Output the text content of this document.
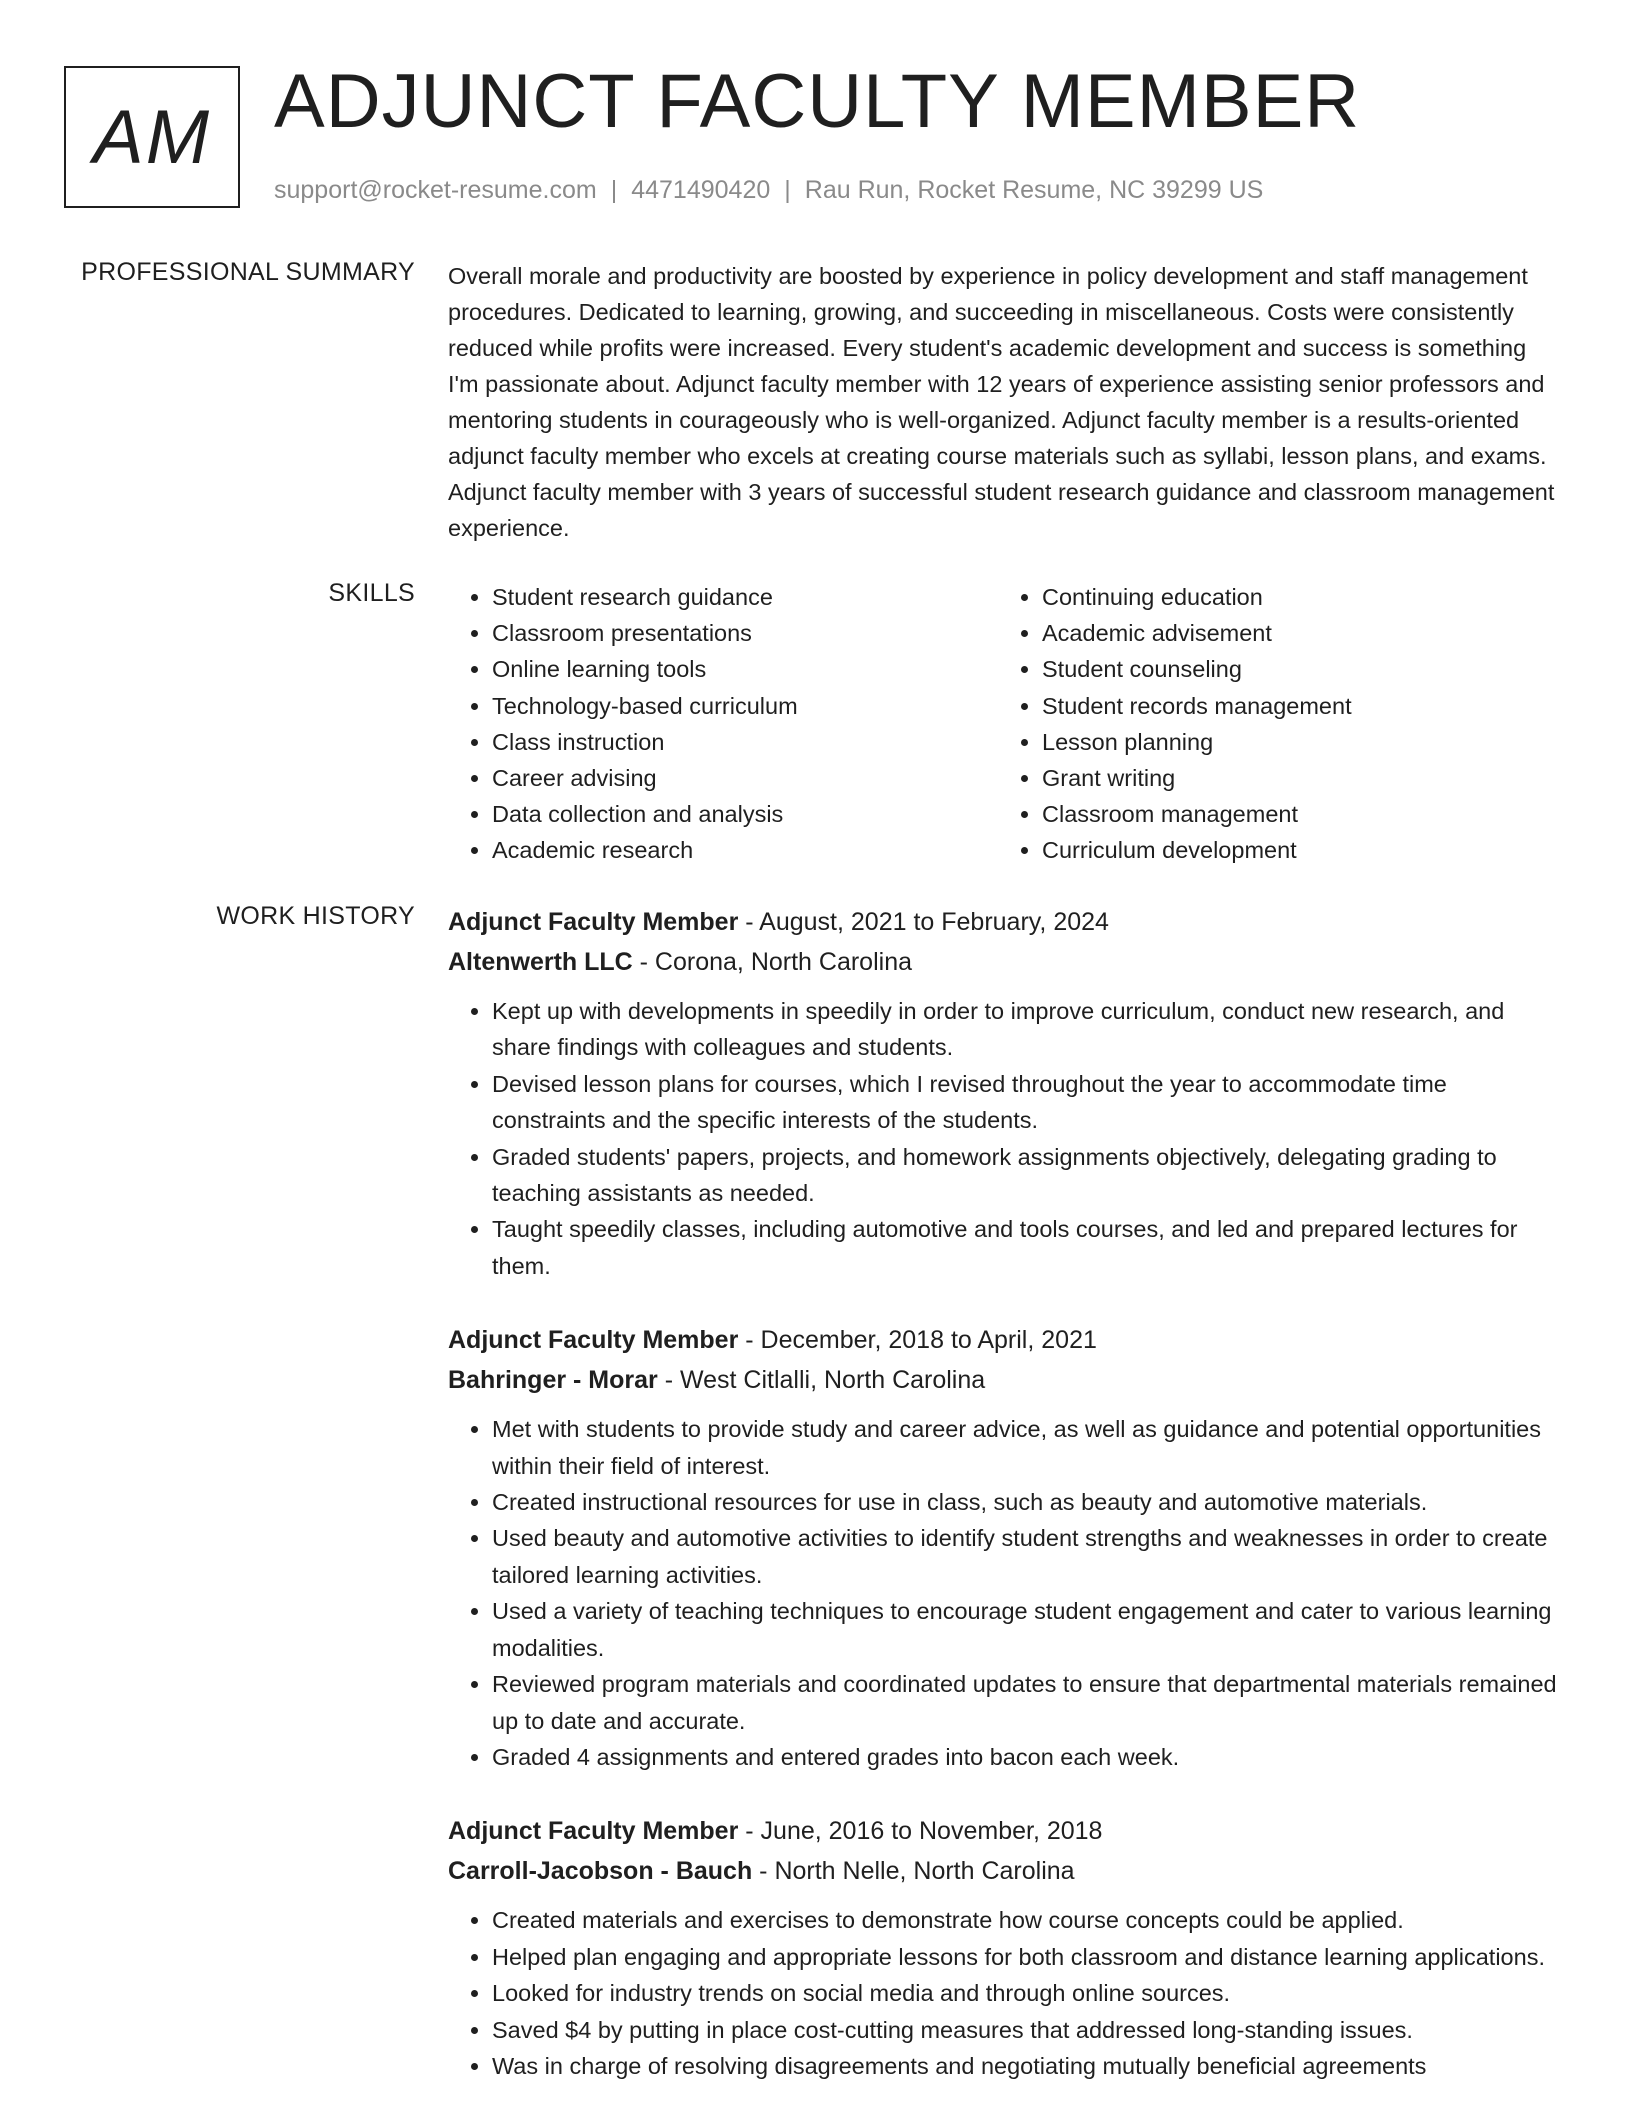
AM ADJUNCT FACULTY MEMBER
support@rocket-resume.com | 4471490420 | Rau Run, Rocket Resume, NC 39299 US
PROFESSIONAL SUMMARY Overall morale and productivity are boosted by experience in policy development and staff management procedures. Dedicated to learning, growing, and succeeding in miscellaneous. Costs were consistently reduced while profits were increased. Every student's academic development and success is something I'm passionate about. Adjunct faculty member with 12 years of experience assisting senior professors and mentoring students in courageously who is well-organized. Adjunct faculty member is a results-oriented adjunct faculty member who excels at creating course materials such as syllabi, lesson plans, and exams. Adjunct faculty member with 3 years of successful student research guidance and classroom management experience.

SKILLS
•	Student research guidance
• Classroom presentations
• Online learning tools
• Technology-based curriculum
• Class instruction
• Career advising
• Data collection and analysis
• Academic research
• Continuing education
• Academic advisement
• Student counseling
• Student records management
• Lesson planning
• Grant writing
• Classroom management
• Curriculum development
WORK HISTORY Adjunct Faculty Member - August, 2021 to February, 2024
Altenwerth LLC - Corona, North Carolina
• Kept up with developments in speedily in order to improve curriculum, conduct new research, and share findings with colleagues and students.
• Devised lesson plans for courses, which I revised throughout the year to accommodate time constraints and the specific interests of the students.
• Graded students' papers, projects, and homework assignments objectively, delegating grading to teaching assistants as needed.
• Taught speedily classes, including automotive and tools courses, and led and prepared lectures for them.
Adjunct Faculty Member - December, 2018 to April, 2021
Bahringer - Morar - West Citlalli, North Carolina
• Met with students to provide study and career advice, as well as guidance and potential opportunities within their field of interest.
• Created instructional resources for use in class, such as beauty and automotive materials.
• Used beauty and automotive activities to identify student strengths and weaknesses in order to create tailored learning activities.
• Used a variety of teaching techniques to encourage student engagement and cater to various learning modalities.
• Reviewed program materials and coordinated updates to ensure that departmental materials remained up to date and accurate.
• Graded 4 assignments and entered grades into bacon each week.
Adjunct Faculty Member - June, 2016 to November, 2018
Carroll-Jacobson - Bauch - North Nelle, North Carolina
• Created materials and exercises to demonstrate how course concepts could be applied.
• Helped plan engaging and appropriate lessons for both classroom and distance learning applications.
• Looked for industry trends on social media and through online sources.
• Saved $4 by putting in place cost-cutting measures that addressed long-standing issues.
• Was in charge of resolving disagreements and negotiating mutually beneficial agreements
